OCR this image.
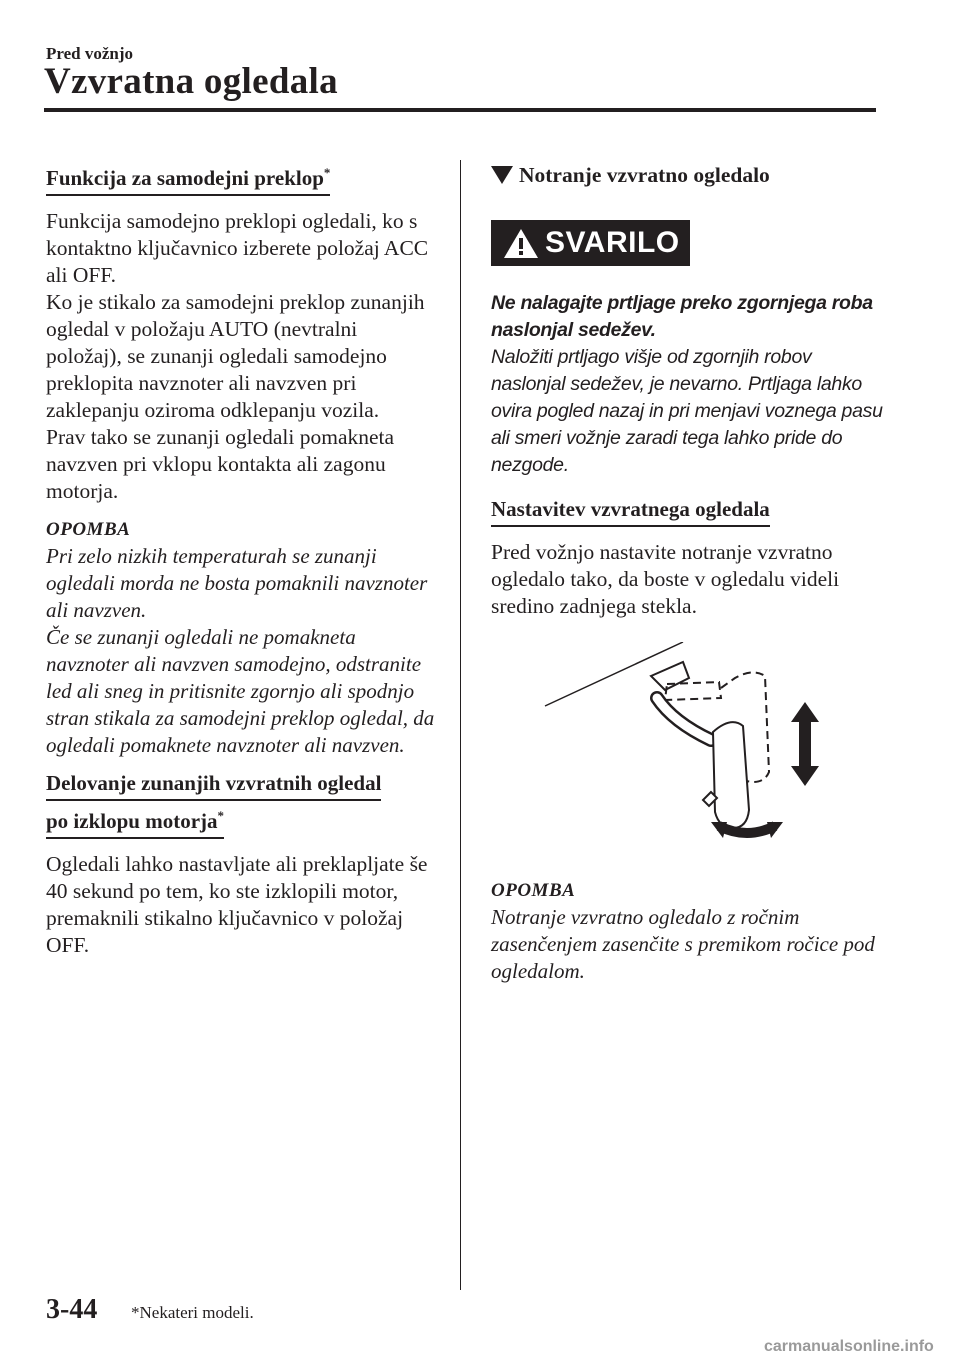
Pred vožnjo
Vzvratna ogledala
Funkcija za samodejni preklop*

Funkcija samodejno preklopi ogledali, ko s kontaktno ključavnico izberete položaj ACC ali OFF.

Ko je stikalo za samodejni preklop zunanjih ogledal v položaju AUTO (nevtralni položaj), se zunanji ogledali samodejno preklopita navznoter ali navzven pri zaklepanju oziroma odklepanju vozila.

Prav tako se zunanji ogledali pomakneta navzven pri vklopu kontakta ali zagonu motorja.

OPOMBA

Pri zelo nizkih temperaturah se zunanji ogledali morda ne bosta pomaknili navznoter ali navzven.

Če se zunanji ogledali ne pomakneta navznoter ali navzven samodejno, odstranite led ali sneg in pritisnite zgornjo ali spodnjo stran stikala za samodejni preklop ogledal, da ogledali pomaknete navznoter ali navzven.

Delovanje zunanjih vzvratnih ogledal
po izklopu motorja*

Ogledali lahko nastavljate ali preklapljate še 40 sekund po tem, ko ste izklopili motor, premaknili stikalno ključavnico v položaj OFF.

Notranje vzvratno ogledalo
SVARILO

Ne nalagajte prtljage preko zgornjega roba naslonjal sedežev.

Naložiti prtljago višje od zgornjih robov naslonjal sedežev, je nevarno. Prtljaga lahko ovira pogled nazaj in pri menjavi voznega pasu ali smeri vožnje zaradi tega lahko pride do nezgode.

Nastavitev vzvratnega ogledala

Pred vožnjo nastavite notranje vzvratno ogledalo tako, da boste v ogledalu videli sredino zadnjega stekla.

OPOMBA

Notranje vzvratno ogledalo z ročnim zasenčenjem zasenčite s premikom ročice pod ogledalom.

3-44 *Nekateri modeli.
carmanualsonline.info
